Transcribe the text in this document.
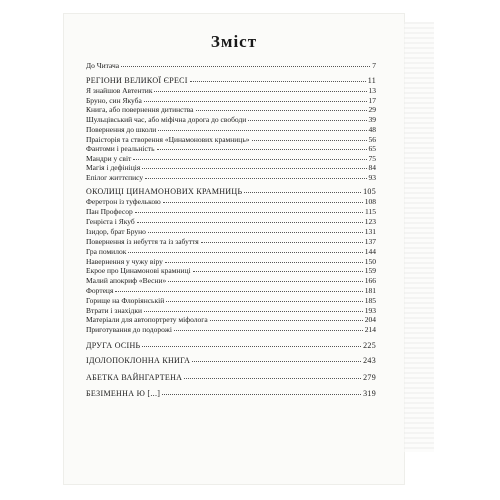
Зміст
До Читача	7
РЕГІОНИ ВЕЛИКОЇ ЄРЕСІ	11
Я знайшов Автентик	13
Бруно, син Якуба	17
Книга, або повернення дитинства	29
Шульцівський час, або міфічна дорога до свободи	39
Повернення до школи	48
Праісторія та створення «Цинамонових крамниць»	56
Фантоми і реальність	65
Мандри у світ	75
Магія і дефініція	84
Епілог життєпису	93
ОКОЛИЦІ ЦИНАМОНОВИХ КРАМНИЦЬ	105
Феретрон із туфелькою	108
Пан Професор	115
Генрієта і Якуб	123
Ізидор, брат Бруно	131
Повернення із небуття та із забуття	137
Гра помилок	144
Навернення у чужу віру	150
Екрое про Цинамонові крамниці	159
Малий апокриф «Весни»	166
Фортеця	181
Горище на Флоріянській	185
Втрати і знахідки	193
Матеріали для автопортрету міфолога	204
Приготування до подорожі	214
ДРУГА ОСІНЬ	225
ІДОЛОПОКЛОННА КНИГА	243
АБЕТКА ВАЙНГАРТЕНА	279
БЕЗІМЕННА Ю [...]	319
